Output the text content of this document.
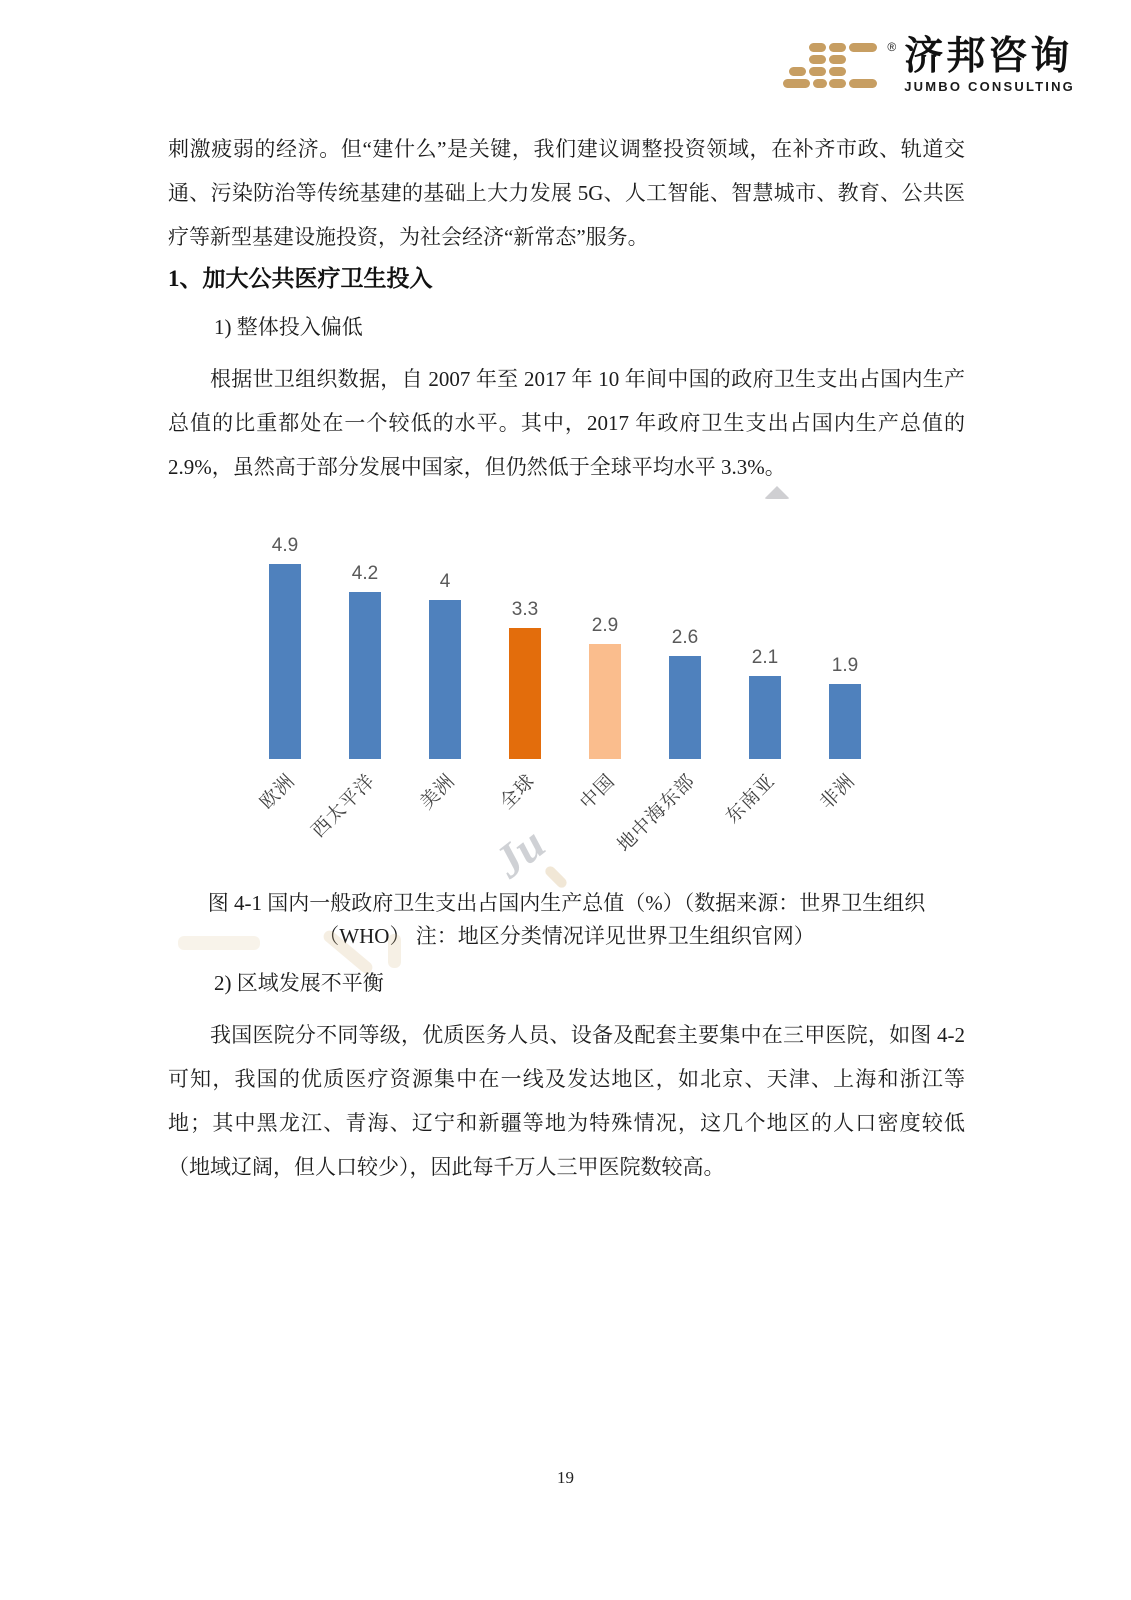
® 济邦咨询
JUMBO CONSULTING

刺激疲弱的经济。但“建什么”是关键，我们建议调整投资领域，在补齐市政、轨道交通、污染防治等传统基建的基础上大力发展 5G、人工智能、智慧城市、教育、公共医疗等新型基建设施投资，为社会经济“新常态”服务。

1、加大公共医疗卫生投入

1) 整体投入偏低

根据世卫组织数据，自 2007 年至 2017 年 10 年间中国的政府卫生支出占国内生产总值的比重都处在一个较低的水平。其中，2017 年政府卫生支出占国内生产总值的 2.9%，虽然高于部分发展中国家，但仍然低于全球平均水平 3.3%。

4.9
欧洲
4.2
西太平洋
4
美洲
3.3
全球
2.9
中国
2.6
地中海东部
2.1
东南亚
1.9
非洲
图 4-1 国内一般政府卫生支出占国内生产总值（%）（数据来源：世界卫生组织
（WHO） 注：地区分类情况详见世界卫生组织官网）

2) 区域发展不平衡

我国医院分不同等级，优质医务人员、设备及配套主要集中在三甲医院，如图 4-2 可知，我国的优质医疗资源集中在一线及发达地区，如北京、天津、上海和浙江等地；其中黑龙江、青海、辽宁和新疆等地为特殊情况，这几个地区的人口密度较低（地域辽阔，但人口较少），因此每千万人三甲医院数较高。

Ju
19
